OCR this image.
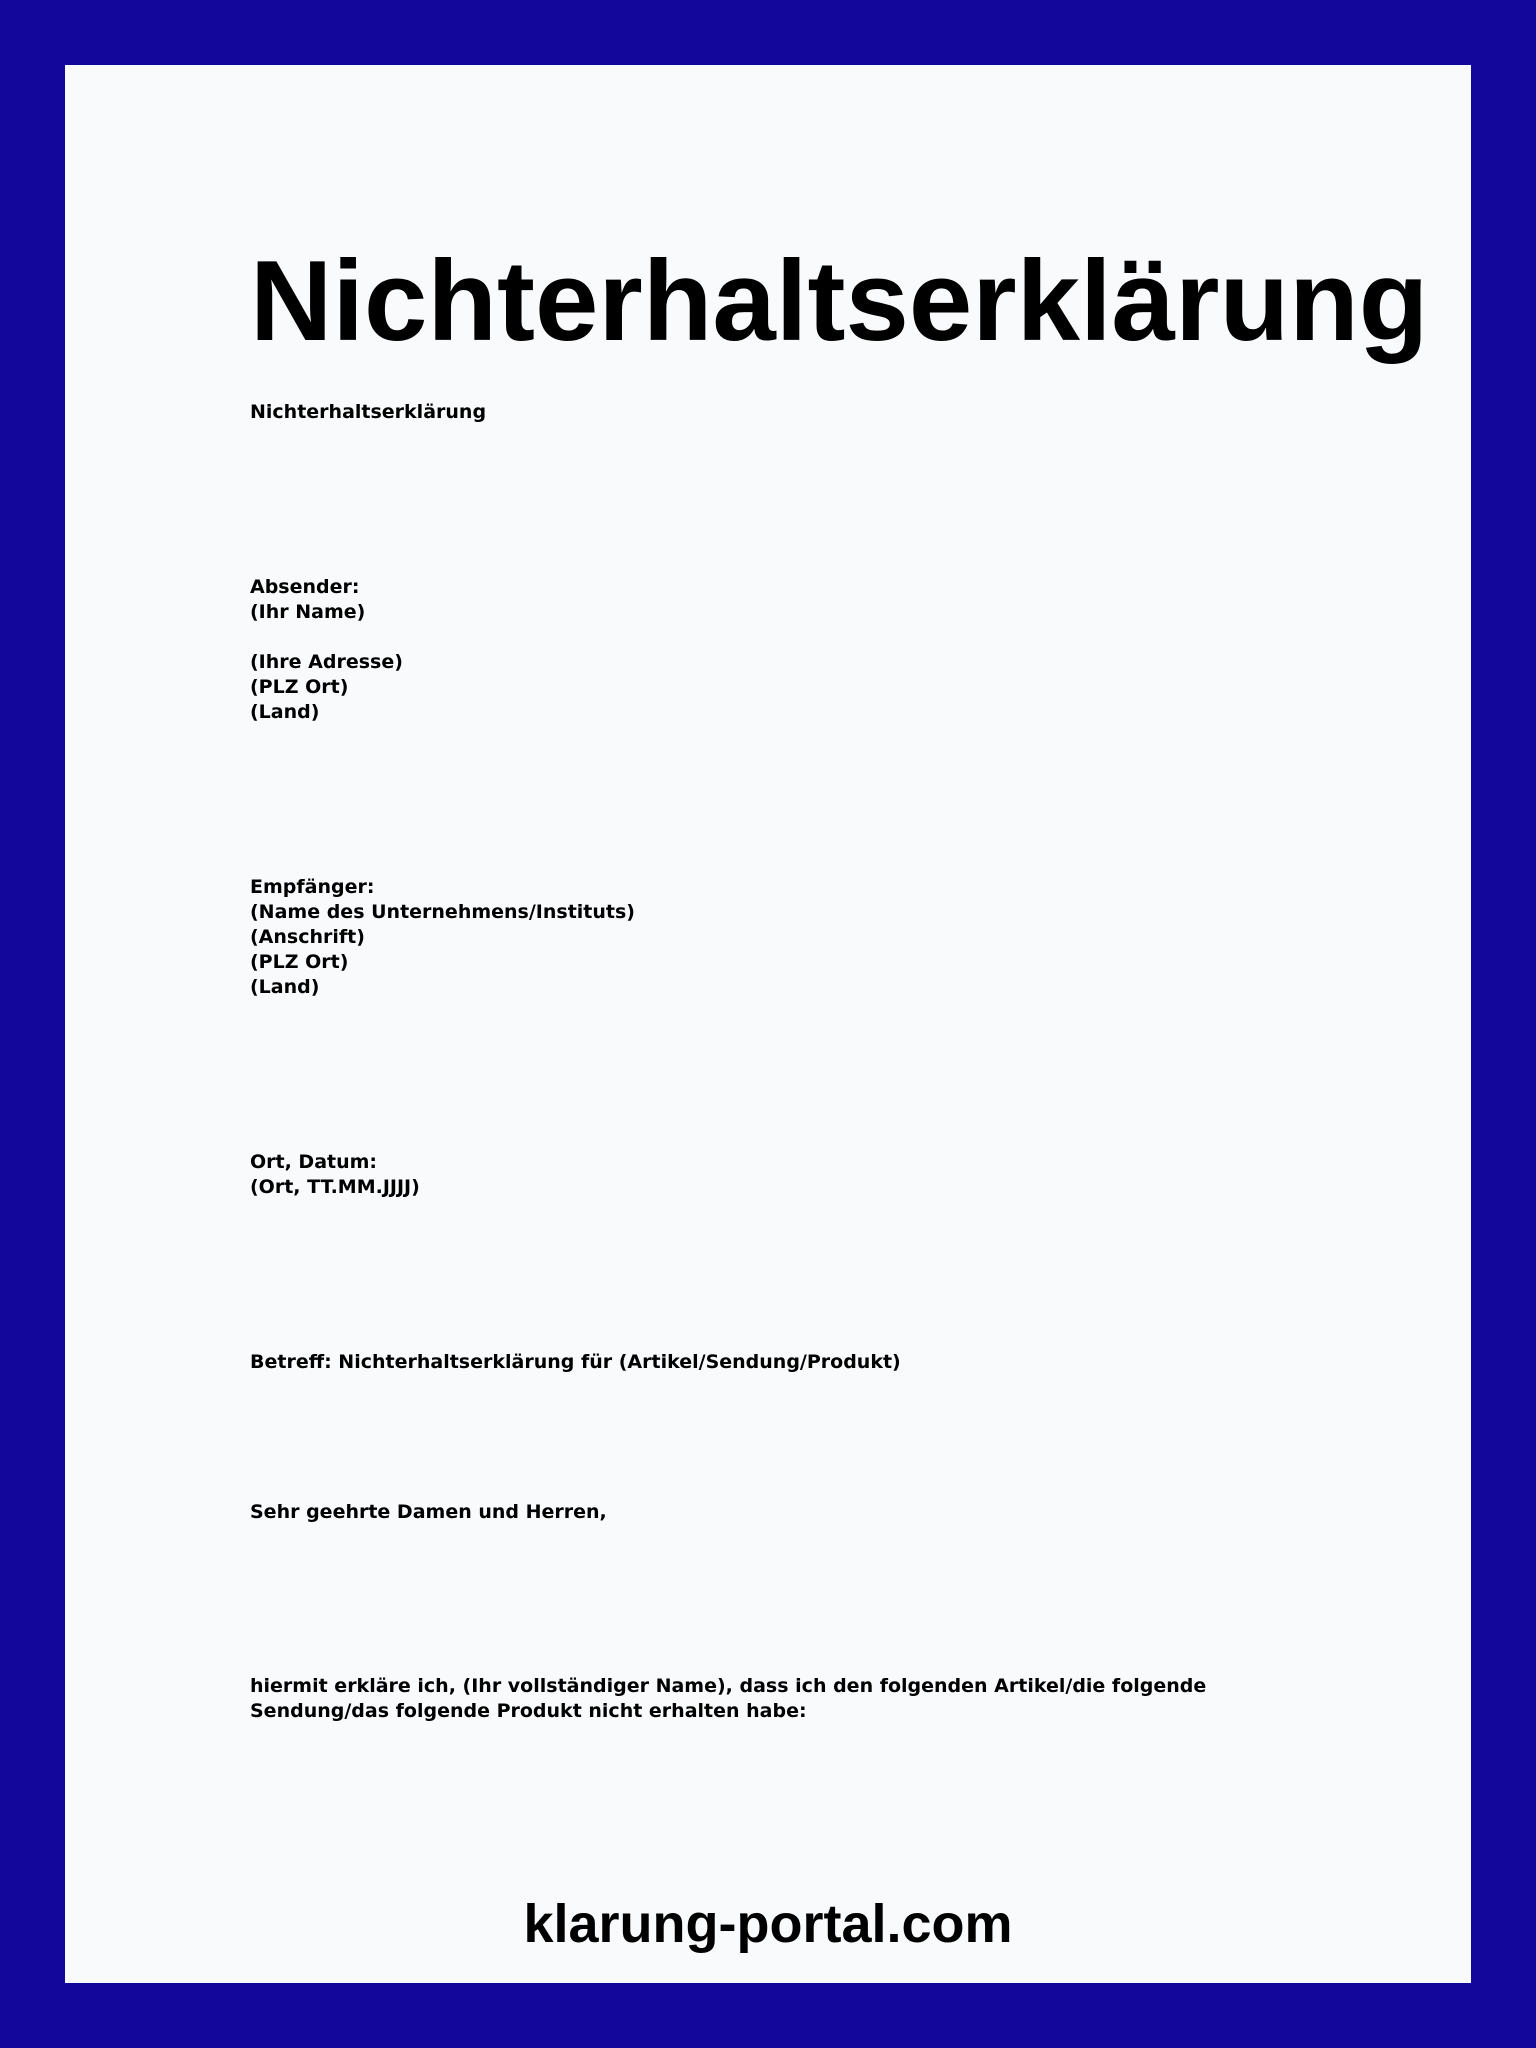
Nichterhaltserklärung

Nichterhaltserklärung

Absender:
(Ihr Name)
(Ihre Adresse)
(PLZ Ort)
(Land)
Empfänger:
(Name des Unternehmens/Instituts)
(Anschrift)
(PLZ Ort)
(Land)
Ort, Datum:
(Ort, TT.MM.JJJJ)

Betreff: Nichterhaltserklärung für (Artikel/Sendung/Produkt)

Sehr geehrte Damen und Herren,

hiermit erkläre ich, (Ihr vollständiger Name), dass ich den folgenden Artikel/die folgende Sendung/das folgende Produkt nicht erhalten habe:

klarung-portal.com
